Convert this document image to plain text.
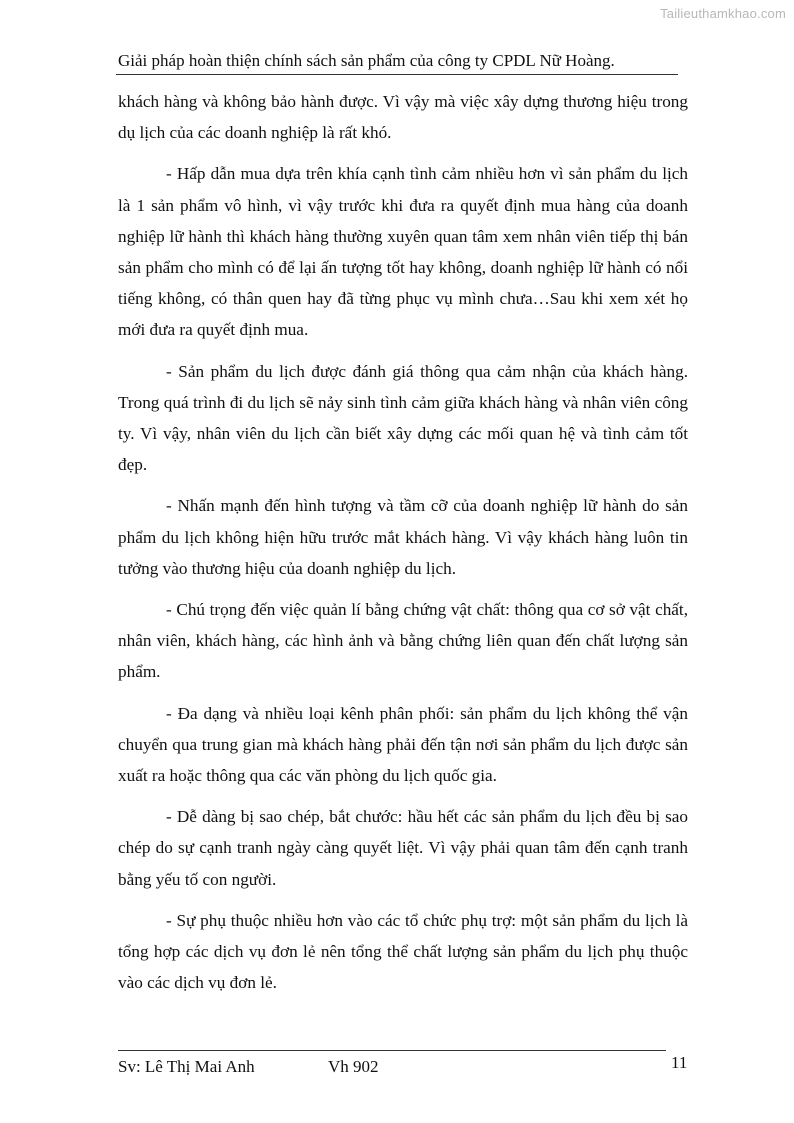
Tailieuthamkhao.com
Giải pháp hoàn thiện chính sách sản phẩm của công ty CPDL Nữ Hoàng.

khách hàng và không bảo hành được. Vì vậy mà việc xây dựng thương hiệu trong dụ lịch của các doanh nghiệp là rất khó.

- Hấp dẫn mua dựa trên khía cạnh tình cảm nhiều hơn vì sản phẩm du lịch là 1 sản phẩm vô hình, vì vậy trước khi đưa ra quyết định mua hàng của doanh nghiệp lữ hành thì khách hàng thường xuyên quan tâm xem nhân viên tiếp thị bán sản phẩm cho mình có để lại ấn tượng tốt hay không, doanh nghiệp lữ hành có nổi tiếng không, có thân quen hay đã từng phục vụ mình chưa…Sau khi xem xét họ mới đưa ra quyết định mua.

- Sản phẩm du lịch được đánh giá thông qua cảm nhận của khách hàng. Trong quá trình đi du lịch sẽ nảy sinh tình cảm giữa khách hàng và nhân viên công ty. Vì vậy, nhân viên du lịch cần biết xây dựng các mối quan hệ và tình cảm tốt đẹp.

- Nhấn mạnh đến hình tượng và tầm cỡ của doanh nghiệp lữ hành do sản phẩm du lịch không hiện hữu trước mắt khách hàng. Vì vậy khách hàng luôn tin tưởng vào thương hiệu của doanh nghiệp du lịch.

- Chú trọng đến việc quản lí bằng chứng vật chất: thông qua cơ sở vật chất, nhân viên, khách hàng, các hình ảnh và bằng chứng liên quan đến chất lượng sản phẩm.

- Đa dạng và nhiều loại kênh phân phối: sản phẩm du lịch không thể vận chuyển qua trung gian mà khách hàng phải đến tận nơi sản phẩm du lịch được sản xuất ra hoặc thông qua các văn phòng du lịch quốc gia.

- Dễ dàng bị sao chép, bắt chước: hầu hết các sản phẩm du lịch đều bị sao chép do sự cạnh tranh ngày càng quyết liệt. Vì vậy phải quan tâm đến cạnh tranh bằng yếu tố con người.

- Sự phụ thuộc nhiều hơn vào các tổ chức phụ trợ: một sản phẩm du lịch là tổng hợp các dịch vụ đơn lẻ nên tổng thể chất lượng sản phẩm du lịch phụ thuộc vào các dịch vụ đơn lẻ.

Sv: Lê Thị Mai Anh	Vh 902	11
